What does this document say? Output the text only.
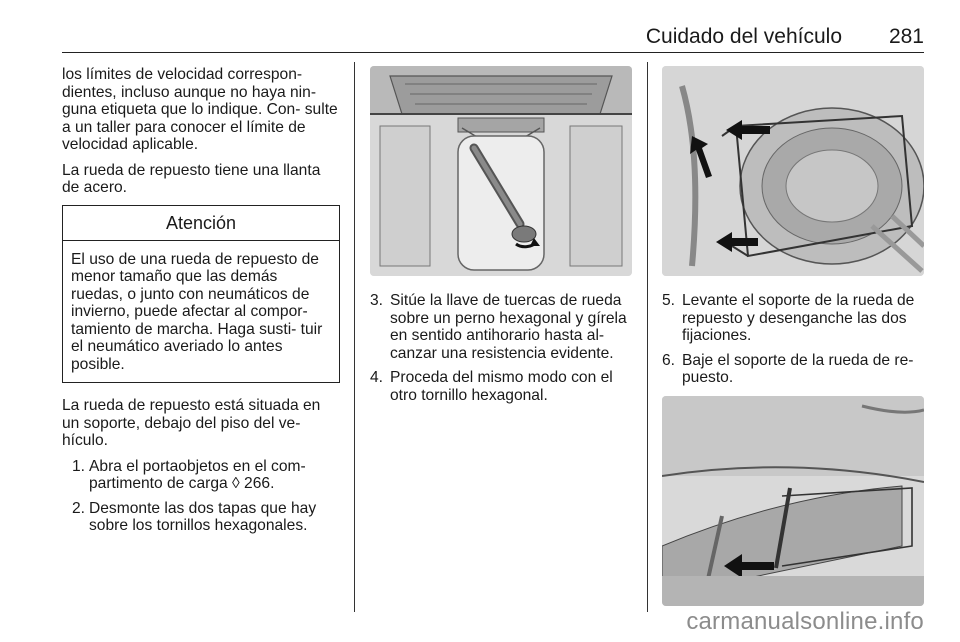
Cuidado del vehículo 281

los límites de velocidad correspon- dientes, incluso aunque no haya nin- guna etiqueta que lo indique. Con- sulte a un taller para conocer el límite de velocidad aplicable.

La rueda de repuesto tiene una llanta de acero.

Atención
El uso de una rueda de repuesto de menor tamaño que las demás ruedas, o junto con neumáticos de invierno, puede afectar al compor- tamiento de marcha. Haga susti- tuir el neumático averiado lo antes posible.

La rueda de repuesto está situada en un soporte, debajo del piso del ve- hículo.

1. Abra el portaobjetos en el com- partimento de carga ◊ 266.
2. Desmonte las dos tapas que hay sobre los tornillos hexagonales.
3. Sitúe la llave de tuercas de rueda sobre un perno hexagonal y gírela en sentido antihorario hasta al- canzar una resistencia evidente.
4. Proceda del mismo modo con el otro tornillo hexagonal.
5. Levante el soporte de la rueda de repuesto y desenganche las dos fijaciones.
6. Baje el soporte de la rueda de re- puesto.
carmanualsonline.info
